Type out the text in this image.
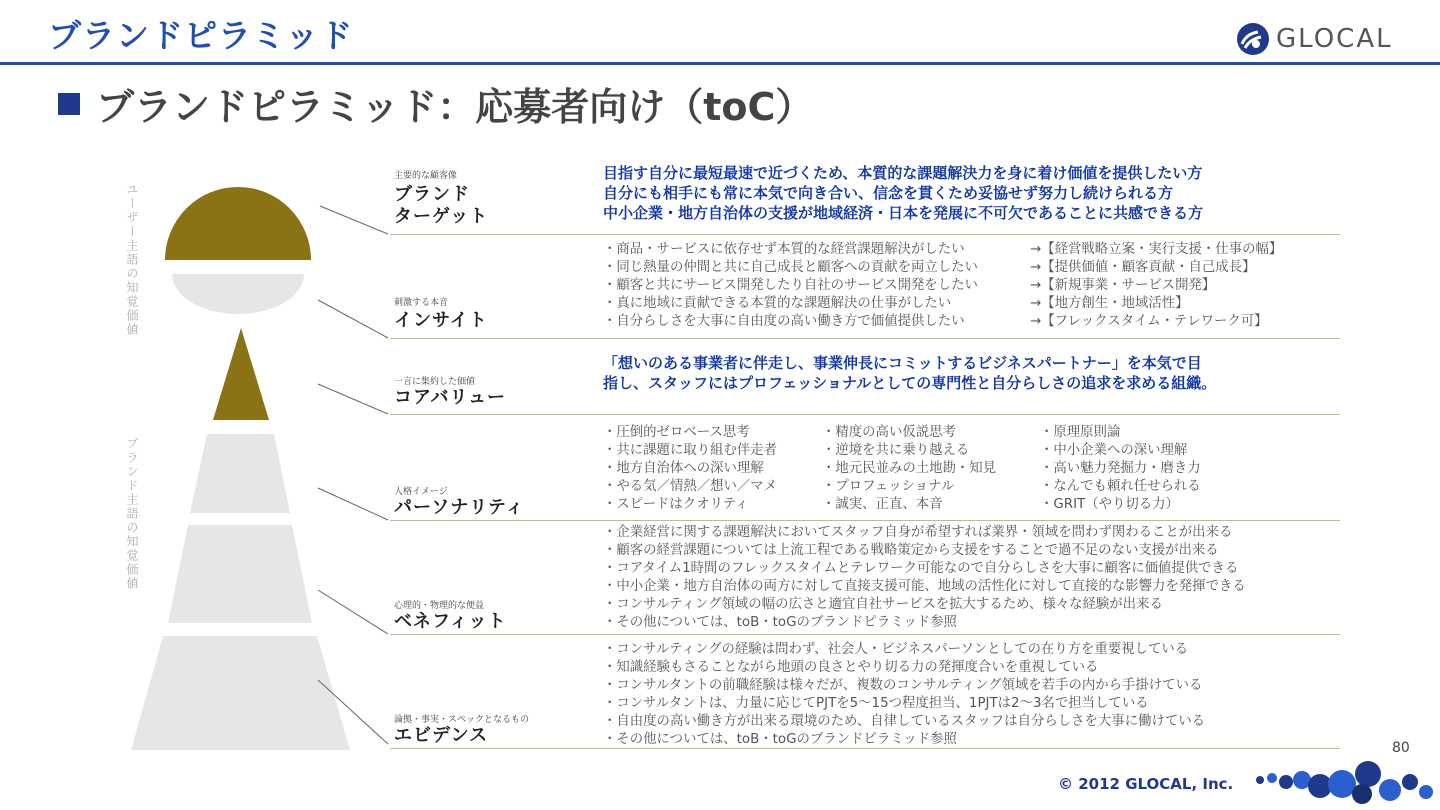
ブランドピラミッド	GLOCAL
ブランドピラミッド：応募者向け（toC）
ユーザー主語の知覚価値
ブランド主語の知覚価値
主要的な顧客像
ブランド
ターゲット
目指す自分に最短最速で近づくため、本質的な課題解決力を身に着け価値を提供したい方
自分にも相手にも常に本気で向き合い、信念を貫くため妥協せず努力し続けられる方
中小企業・地方自治体の支援が地域経済・日本を発展に不可欠であることに共感できる方
刺激する本音
インサイト
・商品・サービスに依存せず本質的な経営課題解決がしたい
・同じ熱量の仲間と共に自己成長と顧客への貢献を両立したい
・顧客と共にサービス開発したり自社のサービス開発をしたい
・真に地域に貢献できる本質的な課題解決の仕事がしたい
・自分らしさを大事に自由度の高い働き方で価値提供したい
→【経営戦略立案・実行支援・仕事の幅】
→【提供価値・顧客貢献・自己成長】
→【新規事業・サービス開発】
→【地方創生・地域活性】
→【フレックスタイム・テレワーク可】
一言に集約した価値
コアバリュー
「想いのある事業者に伴走し、事業伸長にコミットするビジネスパートナー」を本気で目
指し、スタッフにはプロフェッショナルとしての専門性と自分らしさの追求を求める組織。
人格イメージ
パーソナリティ
・圧倒的ゼロベース思考
・共に課題に取り組む伴走者
・地方自治体への深い理解
・やる気／情熱／想い／マメ
・スピードはクオリティ
・精度の高い仮説思考
・逆境を共に乗り越える
・地元民並みの土地勘・知見
・プロフェッショナル
・誠実、正直、本音
・原理原則論
・中小企業への深い理解
・高い魅力発掘力・磨き力
・なんでも頼れ任せられる
・GRIT（やり切る力）
心理的・物理的な便益
ベネフィット
・企業経営に関する課題解決においてスタッフ自身が希望すれば業界・領域を問わず関わることが出来る
・顧客の経営課題については上流工程である戦略策定から支援をすることで過不足のない支援が出来る
・コアタイム1時間のフレックスタイムとテレワーク可能なので自分らしさを大事に顧客に価値提供できる
・中小企業・地方自治体の両方に対して直接支援可能、地域の活性化に対して直接的な影響力を発揮できる
・コンサルティング領域の幅の広さと適宜自社サービスを拡大するため、様々な経験が出来る
・その他については、toB・toGのブランドピラミッド参照
論拠・事実・スペックとなるもの
エビデンス
・コンサルティングの経験は問わず、社会人・ビジネスパーソンとしての在り方を重要視している
・知識経験もさることながら地頭の良さとやり切る力の発揮度合いを重視している
・コンサルタントの前職経験は様々だが、複数のコンサルティング領域を若手の内から手掛けている
・コンサルタントは、力量に応じてPJTを5～15つ程度担当、1PJTは2～3名で担当している
・自由度の高い働き方が出来る環境のため、自律しているスタッフは自分らしさを大事に働けている
・その他については、toB・toGのブランドピラミッド参照
80
© 2012 GLOCAL, Inc.
